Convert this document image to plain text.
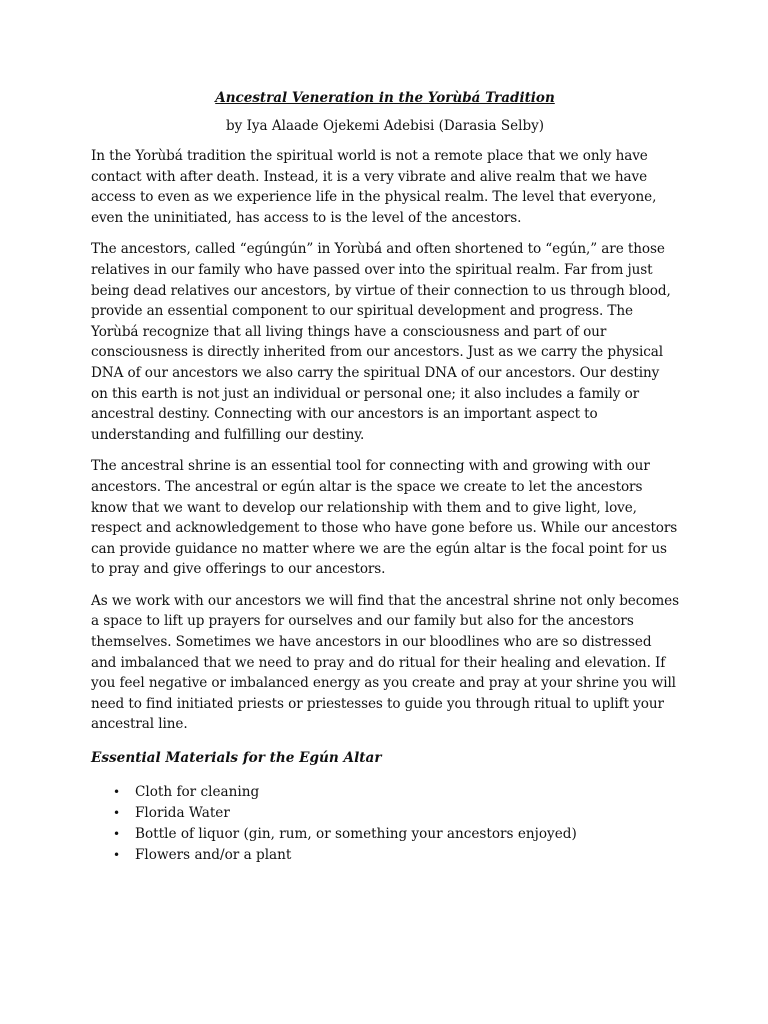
Ancestral Veneration in the Yorùbá Tradition
by Iya Alaade Ojekemi Adebisi (Darasia Selby)

In the Yorùbá tradition the spiritual world is not a remote place that we only have contact with after death. Instead, it is a very vibrate and alive realm that we have access to even as we experience life in the physical realm. The level that everyone, even the uninitiated, has access to is the level of the ancestors.

The ancestors, called “egúngún” in Yorùbá and often shortened to “egún,” are those relatives in our family who have passed over into the spiritual realm. Far from just being dead relatives our ancestors, by virtue of their connection to us through blood, provide an essential component to our spiritual development and progress. The Yorùbá recognize that all living things have a consciousness and part of our consciousness is directly inherited from our ancestors. Just as we carry the physical DNA of our ancestors we also carry the spiritual DNA of our ancestors. Our destiny on this earth is not just an individual or personal one; it also includes a family or ancestral destiny. Connecting with our ancestors is an important aspect to understanding and fulfilling our destiny.

The ancestral shrine is an essential tool for connecting with and growing with our ancestors. The ancestral or egún altar is the space we create to let the ancestors know that we want to develop our relationship with them and to give light, love, respect and acknowledgement to those who have gone before us. While our ancestors can provide guidance no matter where we are the egún altar is the focal point for us to pray and give offerings to our ancestors.

As we work with our ancestors we will find that the ancestral shrine not only becomes a space to lift up prayers for ourselves and our family but also for the ancestors themselves. Sometimes we have ancestors in our bloodlines who are so distressed and imbalanced that we need to pray and do ritual for their healing and elevation. If you feel negative or imbalanced energy as you create and pray at your shrine you will need to find initiated priests or priestesses to guide you through ritual to uplift your ancestral line.

Essential Materials for the Egún Altar
• Cloth for cleaning
• Florida Water
• Bottle of liquor (gin, rum, or something your ancestors enjoyed)
• Flowers and/or a plant
